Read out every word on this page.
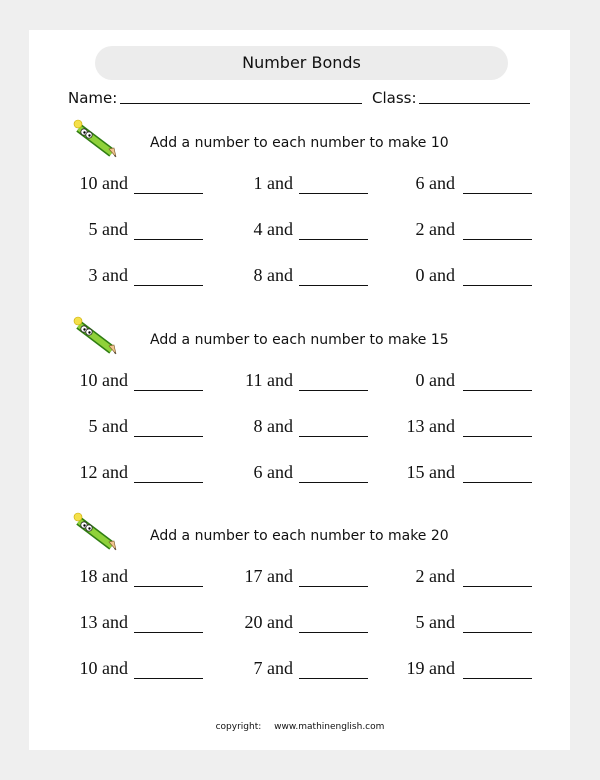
Number Bonds
Name:	Class:
Add a number to each number to make 10
10 and	1 and	6 and
5 and	4 and	2 and
3 and	8 and	0 and
Add a number to each number to make 15
10 and	11 and	0 and
5 and	8 and	13 and
12 and	6 and	15 and
Add a number to each number to make 20
18 and	17 and	2 and
13 and	20 and	5 and
10 and	7 and	19 and
copyright: www.mathinenglish.com
